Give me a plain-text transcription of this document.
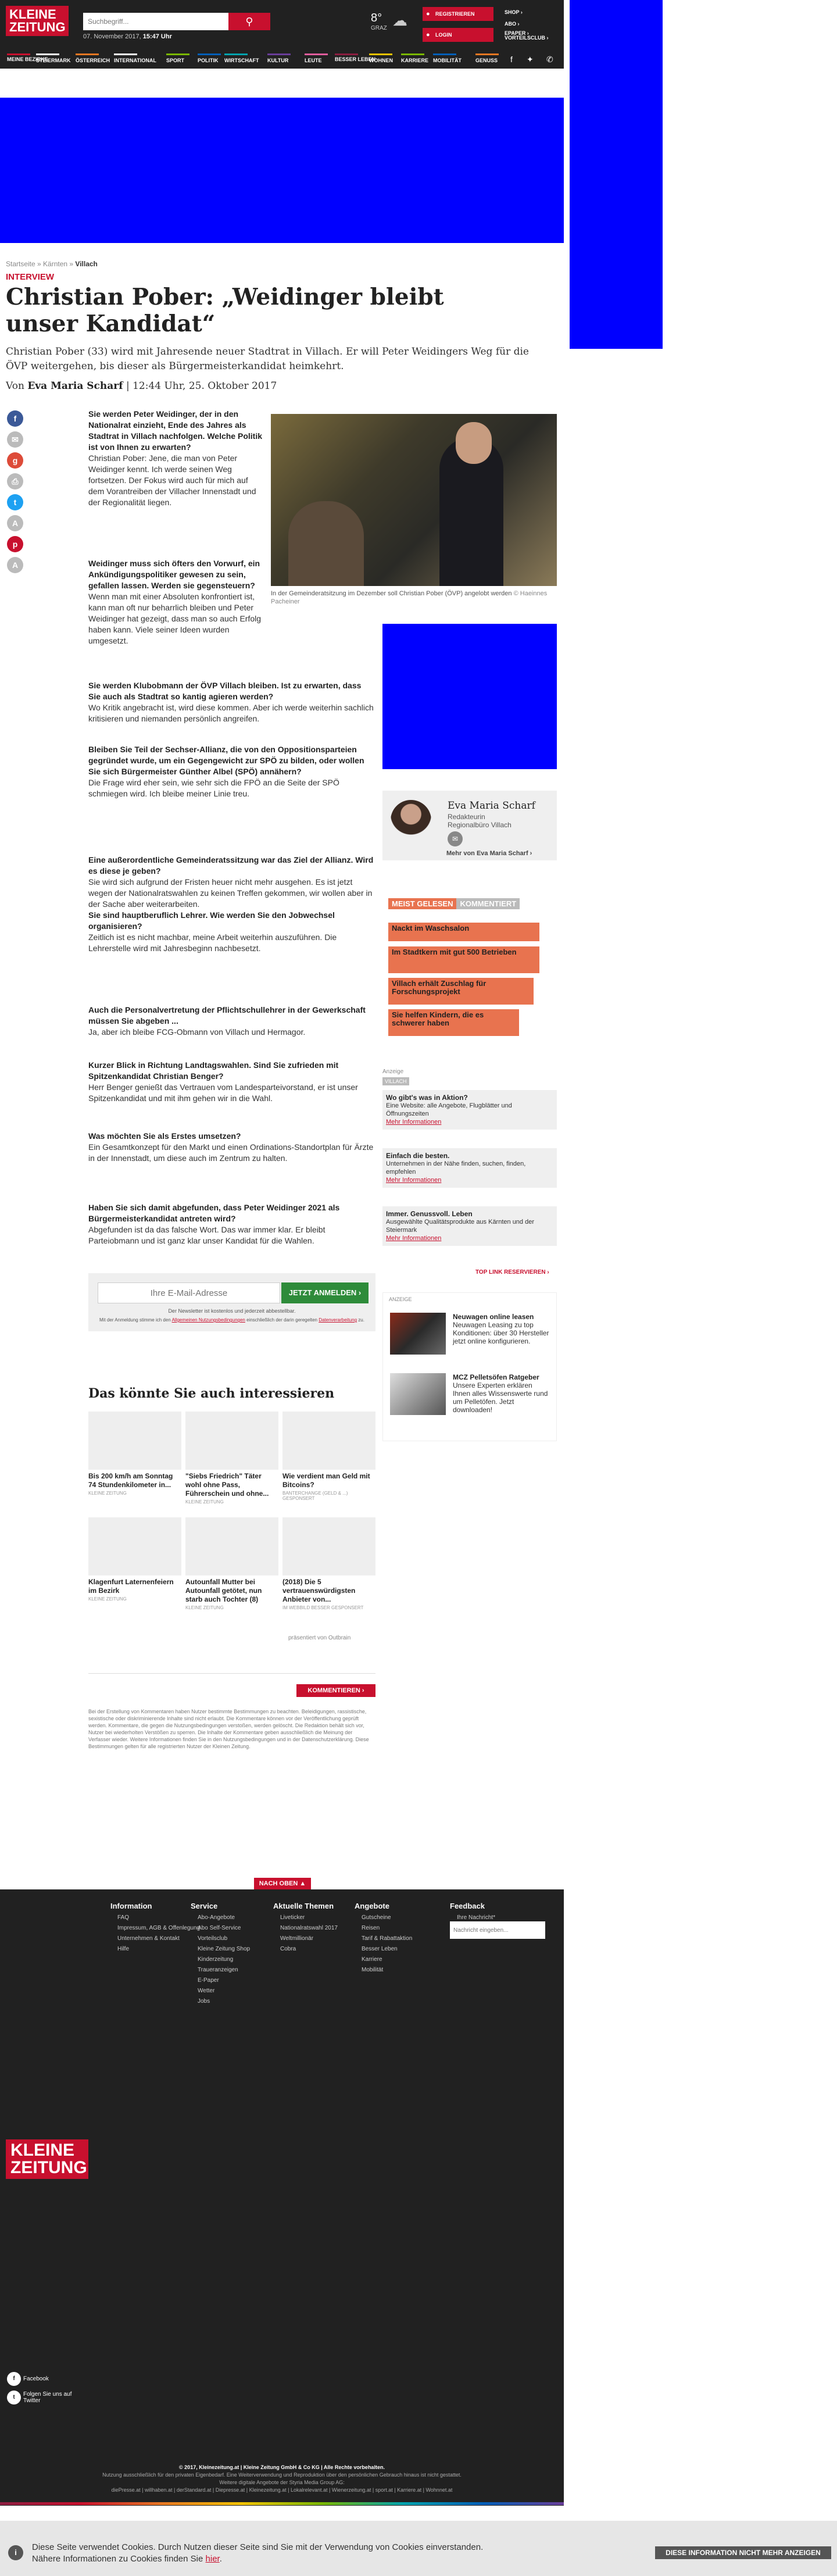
KLEINE
ZEITUNG
Suchbegriff...	⚲
07. November 2017, 15:47 Uhr
8°
GRAZ ☁	● REGISTRIEREN
● LOGIN
SHOP ›
ABO ›
EPAPER ›
VORTEILSCLUB ›
MEINE BEZIRKE
STEIERMARK ÖSTERREICH INTERNATIONAL SPORT	POLITIK WIRTSCHAFT KULTUR	LEUTE BESSER LEBEN
WOHNEN KARRIERE MOBILITÄT	GENUSS f ✦ ✆
Startseite » Kärnten » Villach
INTERVIEW
Christian Pober: „Weidinger bleibt unser Kandidat“

Christian Pober (33) wird mit Jahresende neuer Stadtrat in Villach. Er will Peter Weidingers Weg für die ÖVP weitergehen, bis dieser als Bürgermeisterkandidat heimkehrt.

Von Eva Maria Scharf | 12:44 Uhr, 25. Oktober 2017
f
✉
g
⎙
t
A
p
A
In der Gemeinderatsitzung im Dezember soll Christian Pober (ÖVP) angelobt werden © Haeinnes Pacheiner
Sie werden Peter Weidinger, der in den Nationalrat einzieht, Ende des Jahres als Stadtrat in Villach nachfolgen. Welche Politik ist von Ihnen zu erwarten?
Christian Pober: Jene, die man von Peter Weidinger kennt. Ich werde seinen Weg fortsetzen. Der Fokus wird auch für mich auf dem Vorantreiben der Villacher Innenstadt und der Regionalität liegen.
Weidinger muss sich öfters den Vorwurf, ein Ankündigungspolitiker gewesen zu sein, gefallen lassen. Werden sie gegensteuern?
Wenn man mit einer Absoluten konfrontiert ist, kann man oft nur beharrlich bleiben und Peter Weidinger hat gezeigt, dass man so auch Erfolg haben kann. Viele seiner Ideen wurden umgesetzt.
Sie werden Klubobmann der ÖVP Villach bleiben. Ist zu erwarten, dass Sie auch als Stadtrat so kantig agieren werden?
Wo Kritik angebracht ist, wird diese kommen. Aber ich werde weiterhin sachlich kritisieren und niemanden persönlich angreifen.
Bleiben Sie Teil der Sechser-Allianz, die von den Oppositionsparteien gegründet wurde, um ein Gegengewicht zur SPÖ zu bilden, oder wollen Sie sich Bürgermeister Günther Albel (SPÖ) annähern?
Die Frage wird eher sein, wie sehr sich die FPÖ an die Seite der SPÖ schmiegen wird. Ich bleibe meiner Linie treu.
Eine außerordentliche Gemeinderatssitzung war das Ziel der Allianz. Wird es diese je geben?
Sie wird sich aufgrund der Fristen heuer nicht mehr ausgehen. Es ist jetzt wegen der Nationalratswahlen zu keinen Treffen gekommen, wir wollen aber in der Sache aber weiterarbeiten.
Sie sind hauptberuflich Lehrer. Wie werden Sie den Jobwechsel organisieren?
Zeitlich ist es nicht machbar, meine Arbeit weiterhin auszuführen. Die Lehrerstelle wird mit Jahresbeginn nachbesetzt.
Auch die Personalvertretung der Pflichtschullehrer in der Gewerkschaft müssen Sie abgeben ...
Ja, aber ich bleibe FCG-Obmann von Villach und Hermagor.
Kurzer Blick in Richtung Landtagswahlen. Sind Sie zufrieden mit Spitzenkandidat Christian Benger?
Herr Benger genießt das Vertrauen vom Landesparteivorstand, er ist unser Spitzenkandidat und mit ihm gehen wir in die Wahl.
Was möchten Sie als Erstes umsetzen?
Ein Gesamtkonzept für den Markt und einen Ordinations-Standortplan für Ärzte in der Innenstadt, um diese auch im Zentrum zu halten.
Haben Sie sich damit abgefunden, dass Peter Weidinger 2021 als Bürgermeisterkandidat antreten wird?
Abgefunden ist da das falsche Wort. Das war immer klar. Er bleibt Parteiobmann und ist ganz klar unser Kandidat für die Wahlen.
Eva Maria Scharf
Redakteurin
Regionalbüro Villach
✉
Mehr von Eva Maria Scharf ›
MEIST GELESEN KOMMENTIERT
Nackt im Waschsalon
Im Stadtkern mit gut 500 Betrieben
Villach erhält Zuschlag für Forschungsprojekt
Sie helfen Kindern, die es schwerer haben
Anzeige
VILLACH
Wo gibt's was in Aktion?
Eine Website: alle Angebote, Flugblätter und Öffnungszeiten
Mehr Informationen
Einfach die besten.
Unternehmen in der Nähe finden, suchen, finden, empfehlen
Mehr Informationen
Immer. Genussvoll. Leben
Ausgewählte Qualitätsprodukte aus Kärnten und der Steiermark
Mehr Informationen
TOP LINK RESERVIEREN ›
ANZEIGE
Neuwagen online leasen
Neuwagen Leasing zu top Konditionen: über 30 Hersteller jetzt online konfigurieren.
MCZ Pelletsöfen Ratgeber
Unsere Experten erklären Ihnen alles Wissenswerte rund um Pelletöfen. Jetzt downloaden!
Ihre E-Mail-Adresse
JETZT ANMELDEN ›
Der Newsletter ist kostenlos und jederzeit abbestellbar.
Mit der Anmeldung stimme ich den Allgemeinen Nutzungsbedingungen einschließlich der darin geregelten Datenverarbeitung zu.
Das könnte Sie auch interessieren
Bis 200 km/h am Sonntag 74 Stundenkilometer in...
KLEINE ZEITUNG
"Siebs Friedrich" Täter wohl ohne Pass, Führerschein und ohne...
KLEINE ZEITUNG
Wie verdient man Geld mit Bitcoins?
BANTERCHANGE (GELD & ...) GESPONSERT
Klagenfurt Laternenfeiern im Bezirk
KLEINE ZEITUNG
Autounfall Mutter bei Autounfall getötet, nun starb auch Tochter (8)
KLEINE ZEITUNG
(2018) Die 5 vertrauenswürdigsten Anbieter von...
IM WEBBILD BESSER GESPONSERT
präsentiert von Outbrain
KOMMENTIEREN ›
Bei der Erstellung von Kommentaren haben Nutzer bestimmte Bestimmungen zu beachten. Beleidigungen, rassistische, sexistische oder diskriminierende Inhalte sind nicht erlaubt. Die Kommentare können vor der Veröffentlichung geprüft werden. Kommentare, die gegen die Nutzungsbedingungen verstoßen, werden gelöscht. Die Redaktion behält sich vor, Nutzer bei wiederholten Verstößen zu sperren. Die Inhalte der Kommentare geben ausschließlich die Meinung der Verfasser wieder. Weitere Informationen finden Sie in den Nutzungsbedingungen und in der Datenschutzerklärung. Diese Bestimmungen gelten für alle registrierten Nutzer der Kleinen Zeitung.
NACH OBEN ▲
Information
FAQ
Impressum, AGB & Offenlegung
Unternehmen & Kontakt
Hilfe
Service
Abo-Angebote
Abo Self-Service
Vorteilsclub
Kleine Zeitung Shop
Kinderzeitung
Traueranzeigen
E-Paper
Wetter
Jobs
Aktuelle Themen
Liveticker
Nationalratswahl 2017
Weltmillionär
Cobra
Angebote
Gutscheine
Reisen
Tarif & Rabattaktion
Besser Leben
Karriere
Mobilität
Feedback
Ihre Nachricht*
Nachricht eingeben...
KLEINE
ZEITUNG
f Facebook
t Folgen Sie uns auf
Twitter
© 2017, Kleinezeitung.at | Kleine Zeitung GmbH & Co KG | Alle Rechte vorbehalten.
Nutzung ausschließlich für den privaten Eigenbedarf. Eine Weiterverwendung und Reproduktion über den persönlichen Gebrauch hinaus ist nicht gestattet.
Weitere digitale Angebote der Styria Media Group AG:
diePresse.at | willhaben.at | derStandard.at | Diepresse.at | Kleinezeitung.at | Lokalrelevant.at | Wienerzeitung.at | sport.at | Karriere.at | Wohnnet.at
i
Diese Seite verwendet Cookies. Durch Nutzen dieser Seite sind Sie mit der Verwendung von Cookies einverstanden. Nähere Informationen zu Cookies finden Sie hier.
DIESE INFORMATION NICHT MEHR ANZEIGEN
